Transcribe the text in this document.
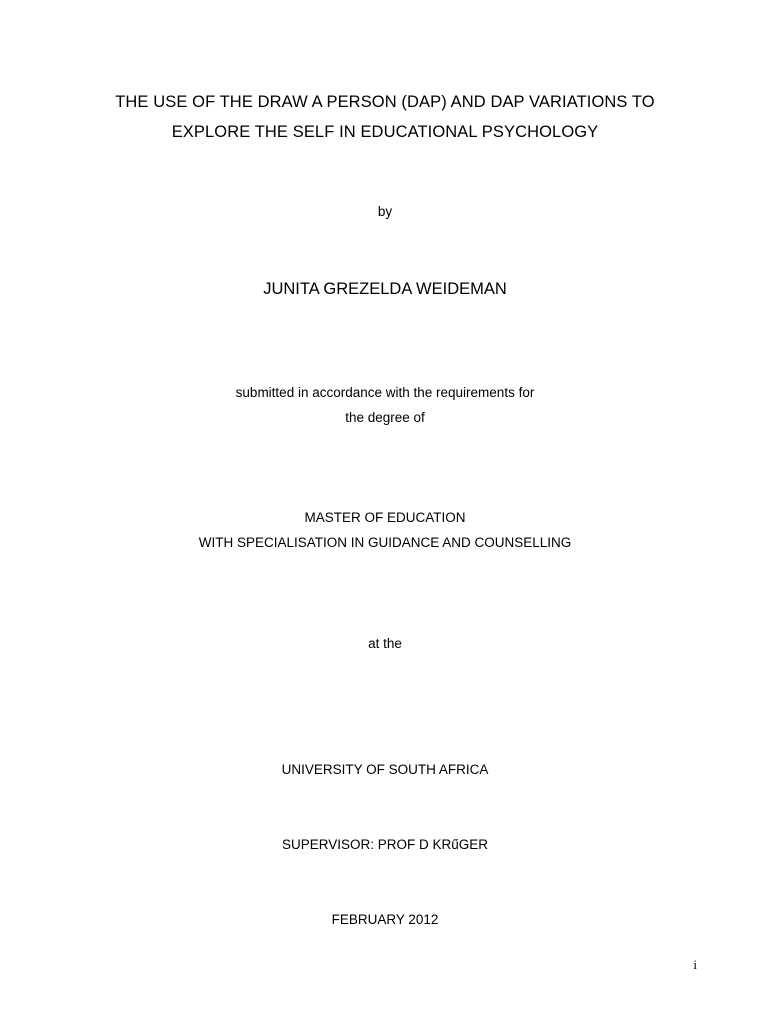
THE USE OF THE DRAW A PERSON (DAP) AND DAP VARIATIONS TO
EXPLORE THE SELF IN EDUCATIONAL PSYCHOLOGY
by
JUNITA GREZELDA WEIDEMAN
submitted in accordance with the requirements for
the degree of
MASTER OF EDUCATION
WITH SPECIALISATION IN GUIDANCE AND COUNSELLING
at the
UNIVERSITY OF SOUTH AFRICA
SUPERVISOR: PROF D KRűGER
FEBRUARY 2012
i
